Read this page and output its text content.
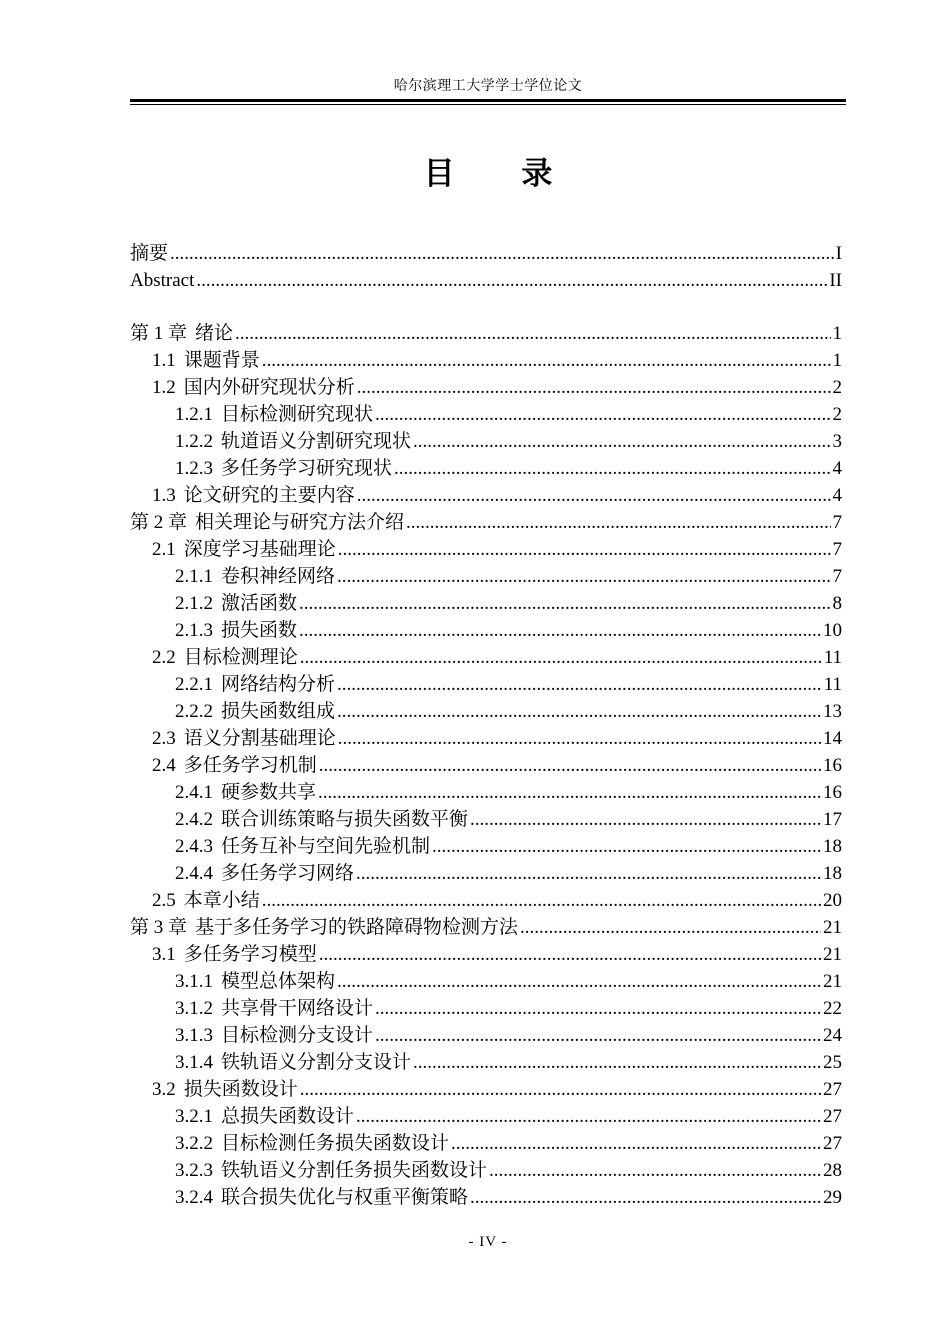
哈尔滨理工大学学士学位论文
目 录
摘要 .....	I
Abstract .....	II
第 1 章 绪论 .....	1
1.1 课题背景 .....	1
1.2 国内外研究现状分析 .....	2
1.2.1 目标检测研究现状 .....	2
1.2.2 轨道语义分割研究现状 .....	3
1.2.3 多任务学习研究现状 .....	4
1.3 论文研究的主要内容 .....	4
第 2 章 相关理论与研究方法介绍 .....	7
2.1 深度学习基础理论 .....	7
2.1.1 卷积神经网络 .....	7
2.1.2 激活函数 .....	8
2.1.3 损失函数 .....	10
2.2 目标检测理论 .....	11
2.2.1 网络结构分析 .....	11
2.2.2 损失函数组成 .....	13
2.3 语义分割基础理论 .....	14
2.4 多任务学习机制 .....	16
2.4.1 硬参数共享 .....	16
2.4.2 联合训练策略与损失函数平衡 .....	17
2.4.3 任务互补与空间先验机制 .....	18
2.4.4 多任务学习网络 .....	18
2.5 本章小结 .....	20
第 3 章 基于多任务学习的铁路障碍物检测方法 .....	21
3.1 多任务学习模型 .....	21
3.1.1 模型总体架构 .....	21
3.1.2 共享骨干网络设计 .....	22
3.1.3 目标检测分支设计 .....	24
3.1.4 铁轨语义分割分支设计 .....	25
3.2 损失函数设计 .....	27
3.2.1 总损失函数设计 .....	27
3.2.2 目标检测任务损失函数设计 .....	27
3.2.3 铁轨语义分割任务损失函数设计 .....	28
3.2.4 联合损失优化与权重平衡策略 .....	29
- IV -
